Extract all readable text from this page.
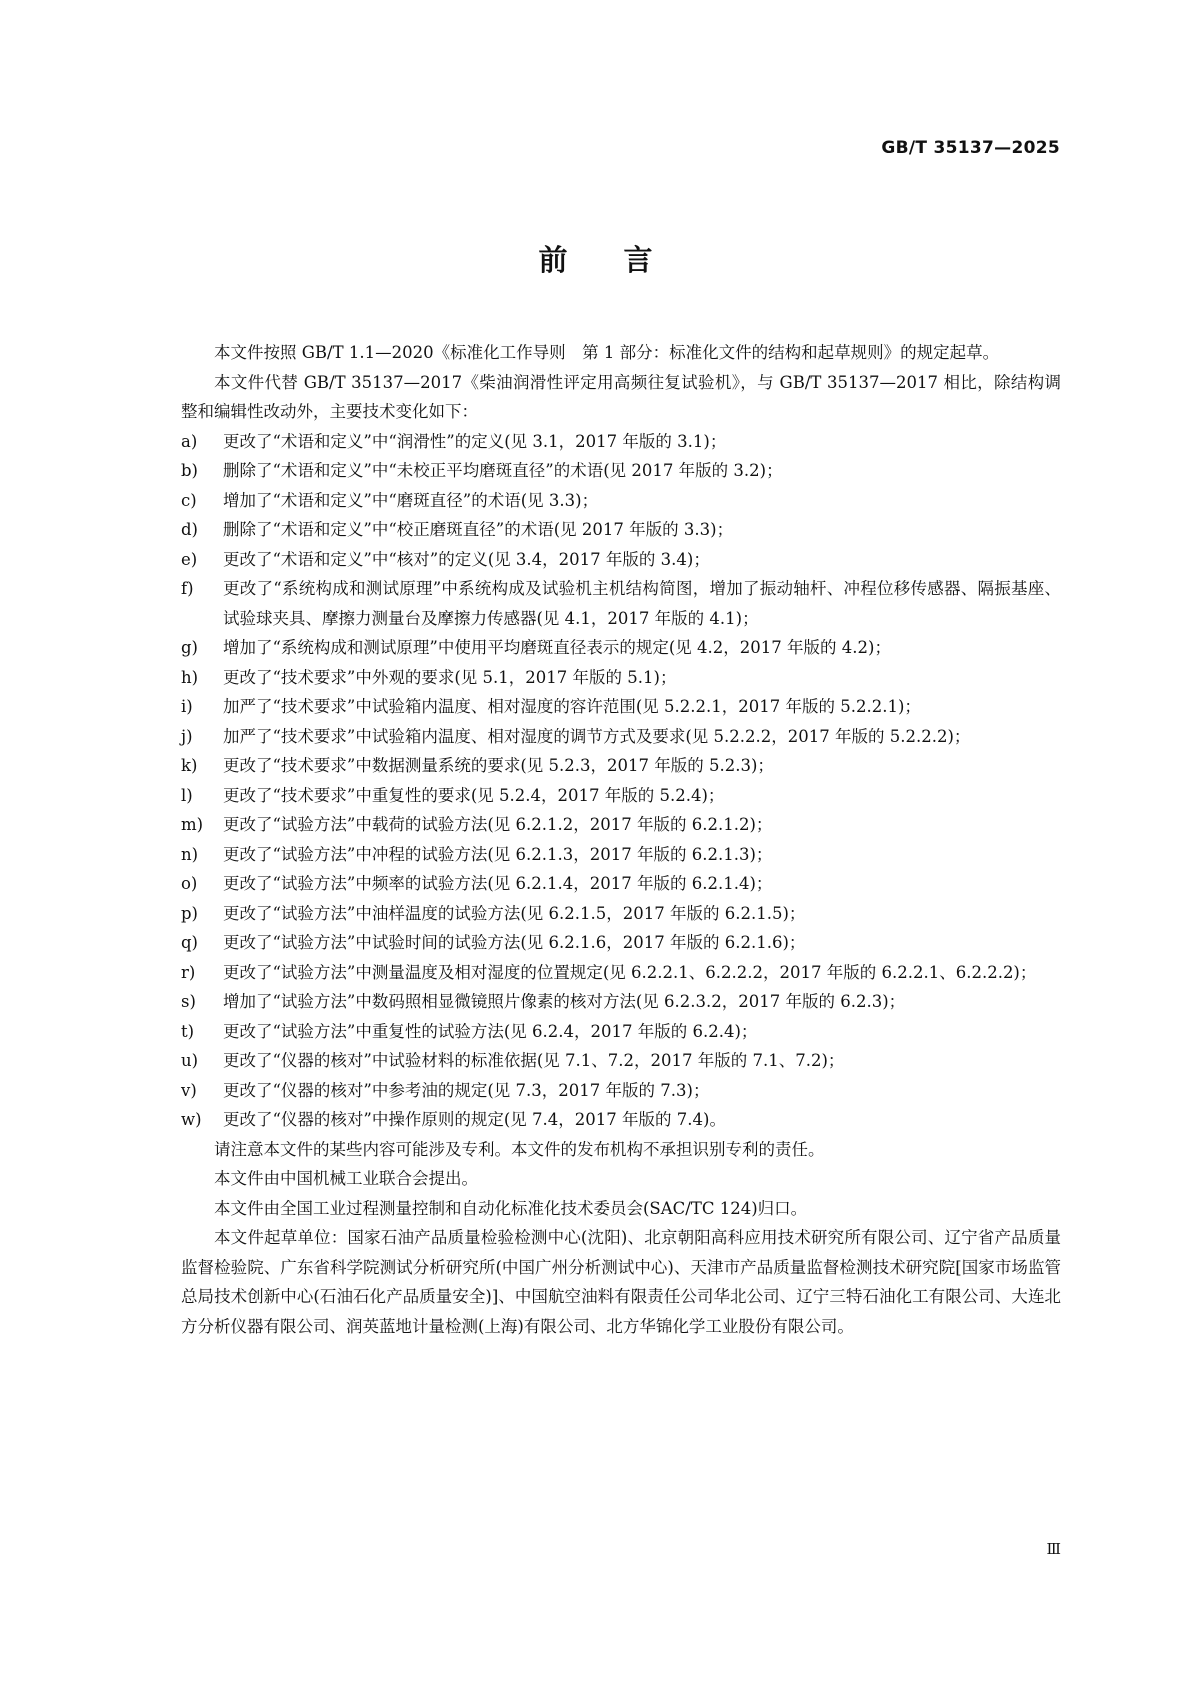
GB/T 35137—2025
前言

本文件按照 GB/T 1.1—2020《标准化工作导则　第 1 部分：标准化文件的结构和起草规则》的规定起草。

本文件代替 GB/T 35137—2017《柴油润滑性评定用高频往复试验机》，与 GB/T 35137—2017 相比，除结构调整和编辑性改动外，主要技术变化如下：

a)	更改了“术语和定义”中“润滑性”的定义(见 3.1，2017 年版的 3.1)；
b)	删除了“术语和定义”中“未校正平均磨斑直径”的术语(见 2017 年版的 3.2)；
c)	增加了“术语和定义”中“磨斑直径”的术语(见 3.3)；
d)	删除了“术语和定义”中“校正磨斑直径”的术语(见 2017 年版的 3.3)；
e)	更改了“术语和定义”中“核对”的定义(见 3.4，2017 年版的 3.4)；
f)	更改了“系统构成和测试原理”中系统构成及试验机主机结构简图，增加了振动轴杆、冲程位移传感器、隔振基座、试验球夹具、摩擦力测量台及摩擦力传感器(见 4.1，2017 年版的 4.1)；
g)	增加了“系统构成和测试原理”中使用平均磨斑直径表示的规定(见 4.2，2017 年版的 4.2)；
h)	更改了“技术要求”中外观的要求(见 5.1，2017 年版的 5.1)；
i)	加严了“技术要求”中试验箱内温度、相对湿度的容许范围(见 5.2.2.1，2017 年版的 5.2.2.1)；
j)	加严了“技术要求”中试验箱内温度、相对湿度的调节方式及要求(见 5.2.2.2，2017 年版的 5.2.2.2)；
k)	更改了“技术要求”中数据测量系统的要求(见 5.2.3，2017 年版的 5.2.3)；
l)	更改了“技术要求”中重复性的要求(见 5.2.4，2017 年版的 5.2.4)；
m)	更改了“试验方法”中载荷的试验方法(见 6.2.1.2，2017 年版的 6.2.1.2)；
n)	更改了“试验方法”中冲程的试验方法(见 6.2.1.3，2017 年版的 6.2.1.3)；
o)	更改了“试验方法”中频率的试验方法(见 6.2.1.4，2017 年版的 6.2.1.4)；
p)	更改了“试验方法”中油样温度的试验方法(见 6.2.1.5，2017 年版的 6.2.1.5)；
q)	更改了“试验方法”中试验时间的试验方法(见 6.2.1.6，2017 年版的 6.2.1.6)；
r)	更改了“试验方法”中测量温度及相对湿度的位置规定(见 6.2.2.1、6.2.2.2，2017 年版的 6.2.2.1、6.2.2.2)；
s)	增加了“试验方法”中数码照相显微镜照片像素的核对方法(见 6.2.3.2，2017 年版的 6.2.3)；
t)	更改了“试验方法”中重复性的试验方法(见 6.2.4，2017 年版的 6.2.4)；
u)	更改了“仪器的核对”中试验材料的标准依据(见 7.1、7.2，2017 年版的 7.1、7.2)；
v)	更改了“仪器的核对”中参考油的规定(见 7.3，2017 年版的 7.3)；
w)	更改了“仪器的核对”中操作原则的规定(见 7.4，2017 年版的 7.4)。

请注意本文件的某些内容可能涉及专利。本文件的发布机构不承担识别专利的责任。

本文件由中国机械工业联合会提出。

本文件由全国工业过程测量控制和自动化标准化技术委员会(SAC/TC 124)归口。

本文件起草单位：国家石油产品质量检验检测中心(沈阳)、北京朝阳高科应用技术研究所有限公司、辽宁省产品质量监督检验院、广东省科学院测试分析研究所(中国广州分析测试中心)、天津市产品质量监督检测技术研究院[国家市场监管总局技术创新中心(石油石化产品质量安全)]、中国航空油料有限责任公司华北公司、辽宁三特石油化工有限公司、大连北方分析仪器有限公司、润英蓝地计量检测(上海)有限公司、北方华锦化学工业股份有限公司。

Ⅲ
